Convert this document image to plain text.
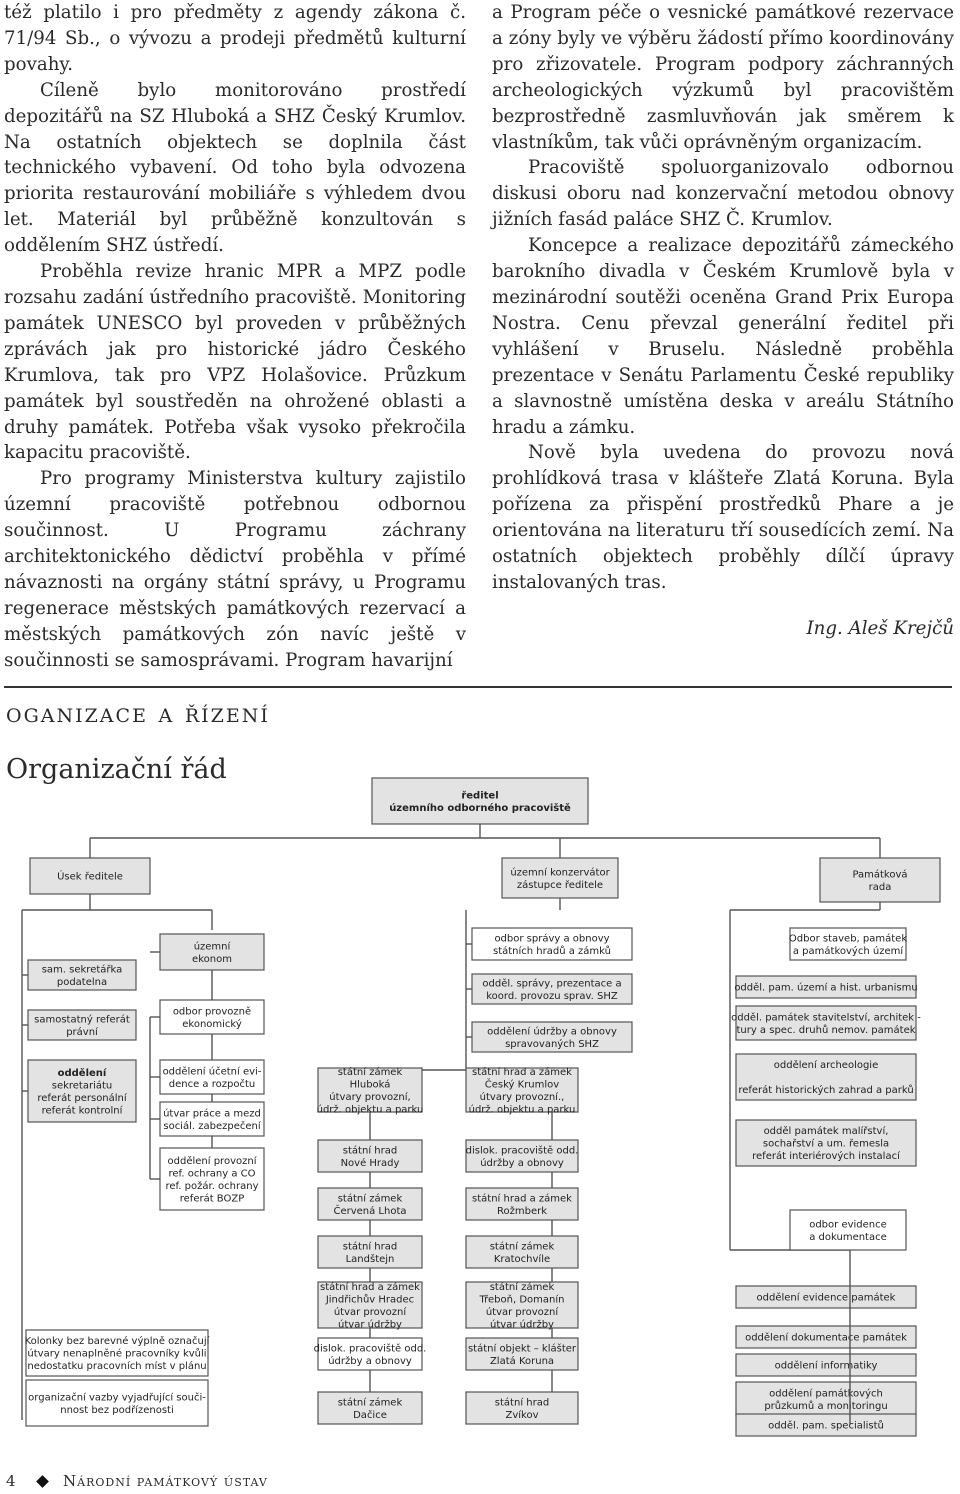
též platilo i pro předměty z agendy zákona č. 71/94 Sb., o vývozu a prodeji předmětů kulturní povahy.

Cíleně bylo monitorováno prostředí depozitářů na SZ Hluboká a SHZ Český Krumlov. Na ostatních objektech se doplnila část technického vybavení. Od toho byla odvozena priorita restaurování mobiliáře s výhledem dvou let. Materiál byl průběžně konzultován s oddělením SHZ ústředí.

Proběhla revize hranic MPR a MPZ podle rozsahu zadání ústředního pracoviště. Monitoring památek UNESCO byl proveden v průběžných zprávách jak pro historické jádro Českého Krumlova, tak pro VPZ Holašovice. Průzkum památek byl soustředěn na ohrožené oblasti a druhy památek. Potřeba však vysoko překročila kapacitu pracoviště.

Pro programy Ministerstva kultury zajistilo územní pracoviště potřebnou odbornou součinnost. U Programu záchrany architektonického dědictví proběhla v přímé návaznosti na orgány státní správy, u Programu regenerace městských památkových rezervací a městských památkových zón navíc ještě v součinnosti se samosprávami. Program havarijní

a Program péče o vesnické památkové rezervace a zóny byly ve výběru žádostí přímo koordinovány pro zřizovatele. Program podpory záchranných archeologických výzkumů byl pracovištěm bezprostředně zasmluvňován jak směrem k vlastníkům, tak vůči oprávněným organizacím.

Pracoviště spoluorganizovalo odbornou diskusi oboru nad konzervační metodou obnovy jižních fasád paláce SHZ Č. Krumlov.

Koncepce a realizace depozitářů zámeckého barokního divadla v Českém Krumlově byla v mezinárodní soutěži oceněna Grand Prix Europa Nostra. Cenu převzal generální ředitel při vyhlášení v Bruselu. Následně proběhla prezentace v Senátu Parlamentu České republiky a slavnostně umístěna deska v areálu Státního hradu a zámku.

Nově byla uvedena do provozu nová prohlídková trasa v klášteře Zlatá Koruna. Byla pořízena za přispění prostředků Phare a je orientována na literaturu tří sousedících zemí. Na ostatních objektech proběhly dílčí úpravy instalovaných tras.

Ing. Aleš Krejčů

oganizace a řízení
Organizační řád
ředitel
územního odborného pracoviště
Úsek ředitele	územní konzervátor
zástupce ředitele
Památková
rada
sam. sekretářka
podatelna
samostatný referát
právní
oddělení
sekretariátu
referát personální
referát kontrolní
územní
ekonom
odbor provozně
ekonomický
oddělení účetní evi-
dence a rozpočtu
útvar práce a mezd
sociál. zabezpečení
oddělení provozní
ref. ochrany a CO
ref. požár. ochrany
referát BOZP
odbor správy a obnovy
státních hradů a zámků
odděl. správy, prezentace a
koord. provozu sprav. SHZ
oddělení údržby a obnovy
spravovaných SHZ
státní zámek
Hluboká
útvary provozní,
údrž. objektu a parku
státní hrad
Nové Hrady
státní zámek
Červená Lhota
státní hrad
Landštejn
státní hrad a zámek
Jindřichův Hradec
útvar provozní
útvar údržby
dislok. pracoviště odd.
údržby a obnovy
státní zámek
Dačice
státní hrad a zámek
Český Krumlov
útvary provozní.,
údrž. objektu a parku
dislok. pracoviště odd.
údržby a obnovy
státní hrad a zámek
Rožmberk
státní zámek
Kratochvíle
státní zámek
Třeboň, Domanín
útvar provozní
útvar údržby
státní objekt – klášter
Zlatá Koruna
státní hrad
Zvíkov
Odbor staveb, památek
a památkových území
odděl. pam. území a hist. urbanismu
odděl. památek stavitelství, architek -
tury a spec. druhů nemov. památek
oddělení archeologie
referát historických zahrad a parků
odděl památek malířství,
sochařství a um. řemesla
referát interiérových instalací
odbor evidence
a dokumentace
oddělení evidence památek
oddělení dokumentace památek
oddělení informatiky
oddělení památkových
průzkumů a monitoringu
odděl. pam. specialistů
Kolonky bez barevné výplně označují
útvary nenaplněné pracovníky kvůli
nedostatku pracovních míst v plánu
organizační vazby vyjadřující souči-
nnost bez podřízenosti
4	Národní památkový ústav
